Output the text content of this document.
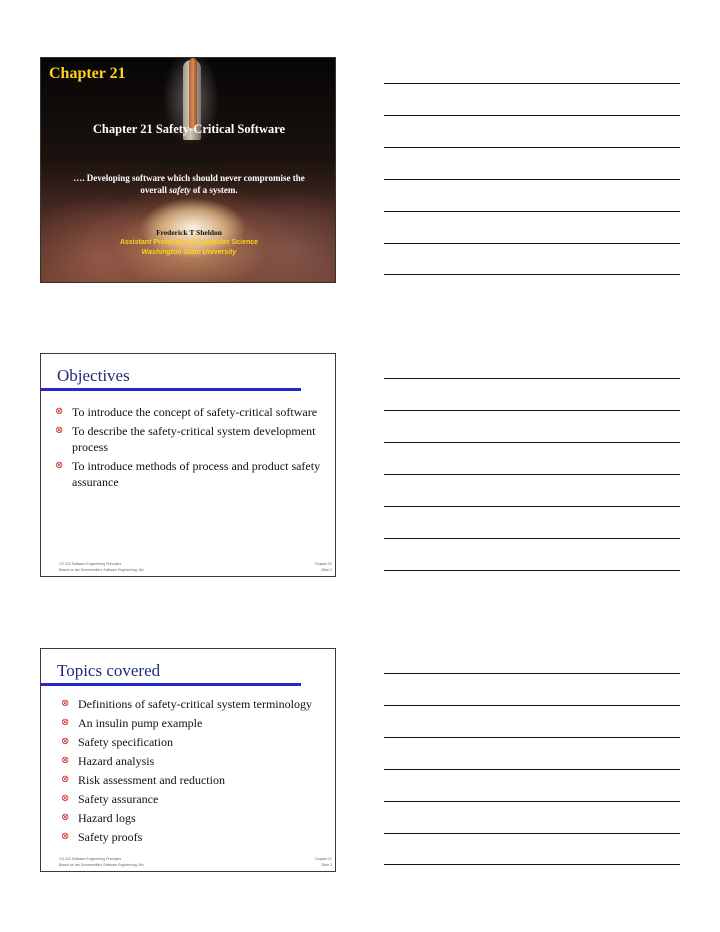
Chapter 21
Chapter 21 Safety-Critical Software
Learning Objective
…. Developing software which should never compromise the overall safety of a system.
Frederick T Sheldon
Assistant Professor of Computer Science
Washington State University
Objectives
⊗ To introduce the concept of safety-critical software
⊗ To describe the safety-critical system development process
⊗ To introduce methods of process and product safety assurance
CS 422 Software Engineering Principles
Based on Ian Sommerville's Software Engineering, 6th
Chapter 21
Slide 2
Topics covered
⊗ Definitions of safety-critical system terminology
⊗ An insulin pump example
⊗ Safety specification
⊗ Hazard analysis
⊗ Risk assessment and reduction
⊗ Safety assurance
⊗ Hazard logs
⊗ Safety proofs
CS 422 Software Engineering Principles
Based on Ian Sommerville's Software Engineering, 6th
Chapter 21
Slide 3
